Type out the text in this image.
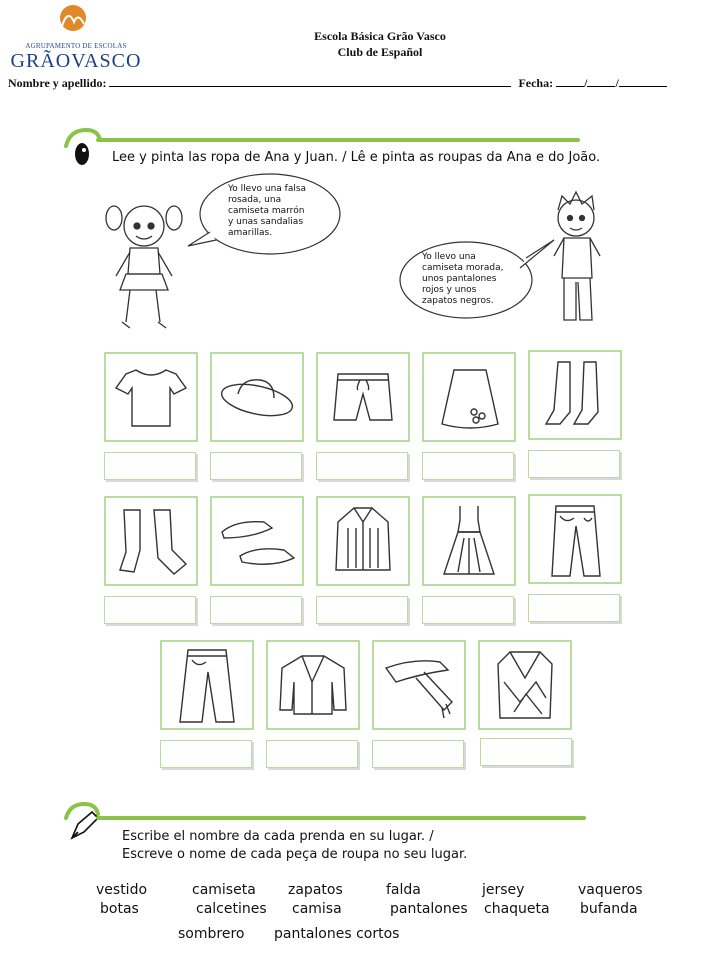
AGRUPAMENTO DE ESCOLAS
GRÃOVASCO
Escola Básica Grão Vasco
Club de Español
Nombre y apellido:	Fecha:	/ /
Lee y pinta las ropa de Ana y Juan. / Lê e pinta as roupas da Ana e do João.
Yo llevo una falsa
rosada, una
camiseta marrón
y unas sandalias
amarillas.
Yo llevo una
camiseta morada,
unos pantalones
rojos y unos
zapatos negros.
Escribe el nombre da cada prenda en su lugar. /
Escreve o nome de cada peça de roupa no seu lugar.
vestido	camiseta zapatos	falda	jersey	vaqueros
botas	calcetines camisa	pantalones chaqueta bufanda
sombrero pantalones cortos
